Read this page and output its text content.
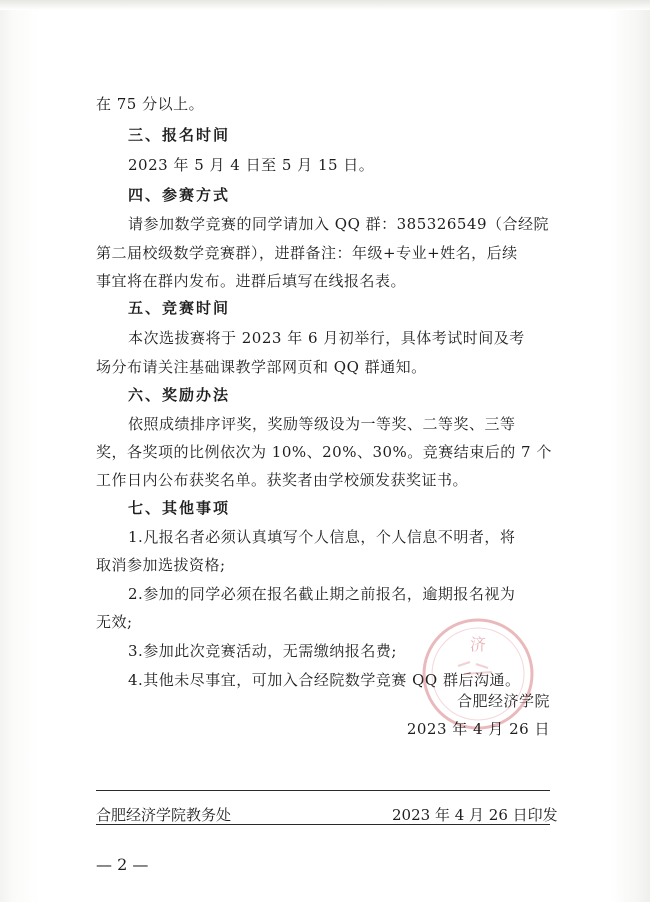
在 75 分以上。
三、报名时间
2023 年 5 月 4 日至 5 月 15 日。
四、参赛方式
请参加数学竞赛的同学请加入 QQ 群：385326549（合经院
第二届校级数学竞赛群），进群备注：年级+专业+姓名，后续
事宜将在群内发布。进群后填写在线报名表。
五、竞赛时间
本次选拔赛将于 2023 年 6 月初举行，具体考试时间及考
场分布请关注基础课教学部网页和 QQ 群通知。
六、奖励办法
依照成绩排序评奖，奖励等级设为一等奖、二等奖、三等
奖，各奖项的比例依次为 10%、20%、30%。竞赛结束后的 7 个
工作日内公布获奖名单。获奖者由学校颁发获奖证书。
七、其他事项
1.凡报名者必须认真填写个人信息，个人信息不明者，将
取消参加选拔资格;
2.参加的同学必须在报名截止期之前报名，逾期报名视为
无效;
3.参加此次竞赛活动，无需缴纳报名费;
4.其他未尽事宜，可加入合经院数学竞赛 QQ 群后沟通。
济
合肥经济学院
2023 年 4 月 26 日
合肥经济学院教务处	2023 年 4 月 26 日印发
— 2 —
